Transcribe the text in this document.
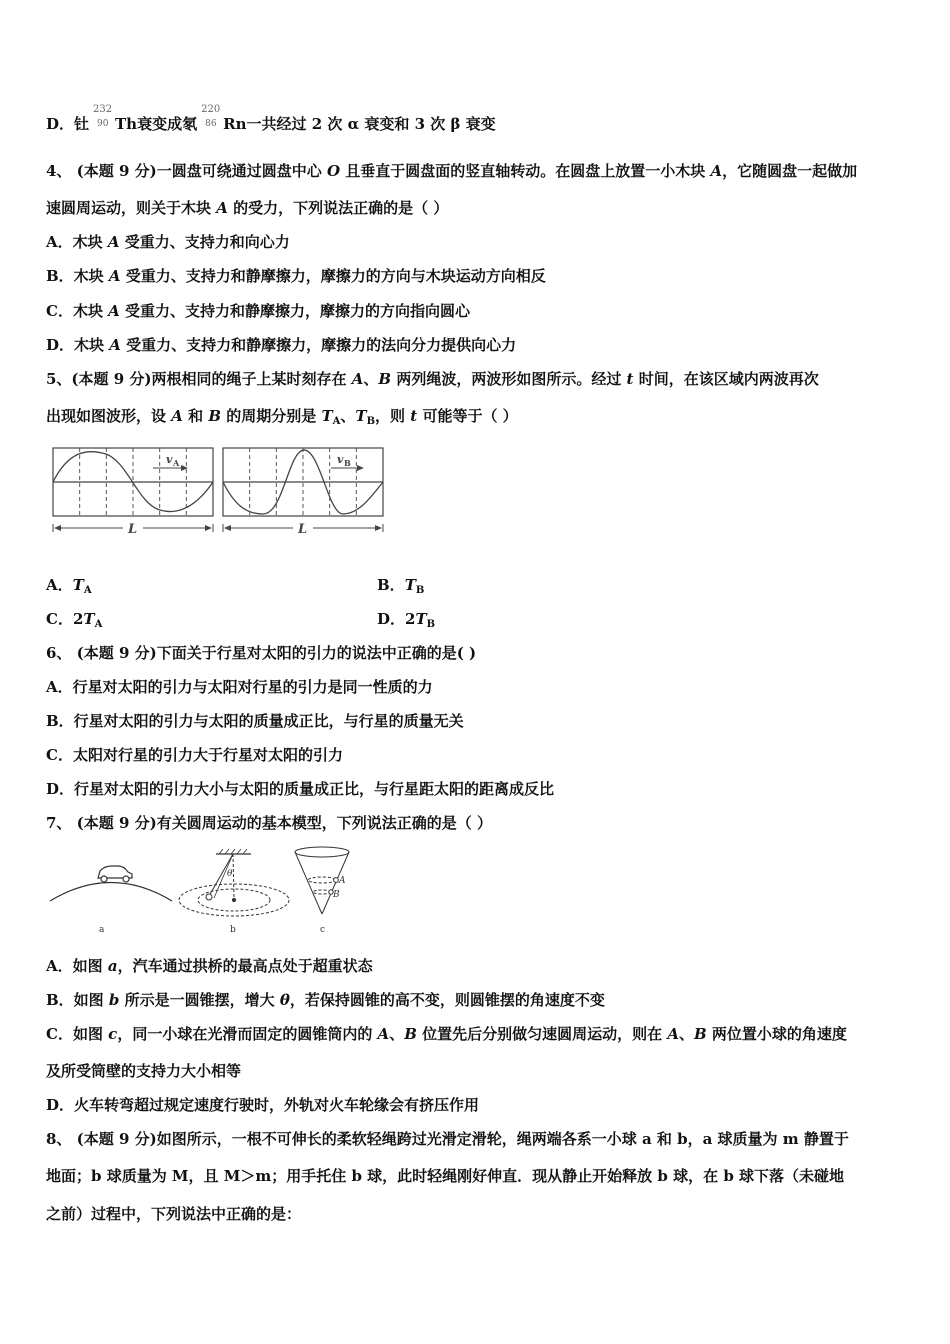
D．钍
232
90 Th衰变成氡
220
86 Rn一共经过 2 次 α 衰变和 3 次 β 衰变
4、 (本题 9 分)一圆盘可绕通过圆盘中心 O 且垂直于圆盘面的竖直轴转动。在圆盘上放置一小木块 A，它随圆盘一起做加
速圆周运动，则关于木块 A 的受力，下列说法正确的是（ ）
A．木块 A 受重力、支持力和向心力
B．木块 A 受重力、支持力和静摩擦力，摩擦力的方向与木块运动方向相反
C．木块 A 受重力、支持力和静摩擦力，摩擦力的方向指向圆心
D．木块 A 受重力、支持力和静摩擦力，摩擦力的法向分力提供向心力
5、(本题 9 分)两根相同的绳子上某时刻存在 A、B 两列绳波，两波形如图所示。经过 t 时间，在该区域内两波再次
出现如图波形，设 A 和 B 的周期分别是 $T_A$、$T_B$，则 t 可能等于（ ）
v A	v B
L	L
A．$T_A$	B．$T_B$
C．$2T_A$	D．$2T_B$
6、 (本题 9 分)下面关于行星对太阳的引力的说法中正确的是( )
A．行星对太阳的引力与太阳对行星的引力是同一性质的力
B．行星对太阳的引力与太阳的质量成正比，与行星的质量无关
C．太阳对行星的引力大于行星对太阳的引力
D．行星对太阳的引力大小与太阳的质量成正比，与行星距太阳的距离成反比
7、 (本题 9 分)有关圆周运动的基本模型，下列说法正确的是（ ）
a
θ
b
A
B
c
A．如图 a，汽车通过拱桥的最高点处于超重状态
B．如图 b 所示是一圆锥摆，增大 θ，若保持圆锥的高不变，则圆锥摆的角速度不变
C．如图 c，同一小球在光滑而固定的圆锥筒内的 A、B 位置先后分别做匀速圆周运动，则在 A、B 两位置小球的角速度
及所受筒壁的支持力大小相等
D．火车转弯超过规定速度行驶时，外轨对火车轮缘会有挤压作用
8、 (本题 9 分)如图所示，一根不可伸长的柔软轻绳跨过光滑定滑轮，绳两端各系一小球 a 和 b，a 球质量为 m 静置于
地面；b 球质量为 M，且 M＞m；用手托住 b 球，此时轻绳刚好伸直．现从静止开始释放 b 球，在 b 球下落（未碰地
之前）过程中，下列说法中正确的是：
